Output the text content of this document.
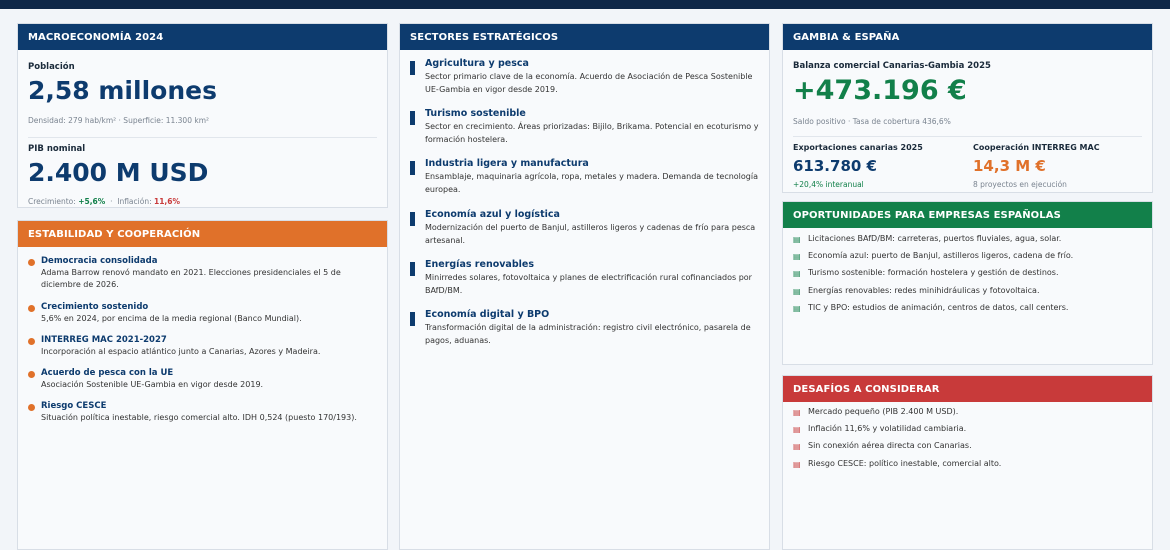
MACROECONOMÍA 2024
Población
2,58 millones
Densidad: 279 hab/km² · Superficie: 11.300 km²
PIB nominal
2.400 M USD
Crecimiento: +5,6% · Inflación: 11,6%
ESTABILIDAD Y COOPERACIÓN
Democracia consolidada
Adama Barrow renovó mandato en 2021. Elecciones presidenciales el 5 de diciembre de 2026.
Crecimiento sostenido
5,6% en 2024, por encima de la media regional (Banco Mundial).
INTERREG MAC 2021-2027
Incorporación al espacio atlántico junto a Canarias, Azores y Madeira.
Acuerdo de pesca con la UE
Asociación Sostenible UE-Gambia en vigor desde 2019.
Riesgo CESCE
Situación política inestable, riesgo comercial alto. IDH 0,524 (puesto 170/193).
SECTORES ESTRATÉGICOS
Agricultura y pesca
Sector primario clave de la economía. Acuerdo de Asociación de Pesca Sostenible UE-Gambia en vigor desde 2019.
Turismo sostenible
Sector en crecimiento. Áreas priorizadas: Bijilo, Brikama. Potencial en ecoturismo y formación hostelera.
Industria ligera y manufactura
Ensamblaje, maquinaria agrícola, ropa, metales y madera. Demanda de tecnología europea.
Economía azul y logística
Modernización del puerto de Banjul, astilleros ligeros y cadenas de frío para pesca artesanal.
Energías renovables
Minirredes solares, fotovoltaica y planes de electrificación rural cofinanciados por BAfD/BM.
Economía digital y BPO
Transformación digital de la administración: registro civil electrónico, pasarela de pagos, aduanas.
GAMBIA & ESPAÑA
Balanza comercial Canarias-Gambia 2025
+473.196 €
Saldo positivo · Tasa de cobertura 436,6%
Exportaciones canarias 2025
613.780 €
+20,4% interanual
Cooperación INTERREG MAC
14,3 M €
8 proyectos en ejecución
OPORTUNIDADES PARA EMPRESAS ESPAÑOLAS
▤ Licitaciones BAfD/BM: carreteras, puertos fluviales, agua, solar.
▤ Economía azul: puerto de Banjul, astilleros ligeros, cadena de frío.
▤ Turismo sostenible: formación hostelera y gestión de destinos.
▤ Energías renovables: redes minihidráulicas y fotovoltaica.
▤ TIC y BPO: estudios de animación, centros de datos, call centers.
DESAFÍOS A CONSIDERAR
▤ Mercado pequeño (PIB 2.400 M USD).
▤ Inflación 11,6% y volatilidad cambiaria.
▤ Sin conexión aérea directa con Canarias.
▤ Riesgo CESCE: político inestable, comercial alto.
